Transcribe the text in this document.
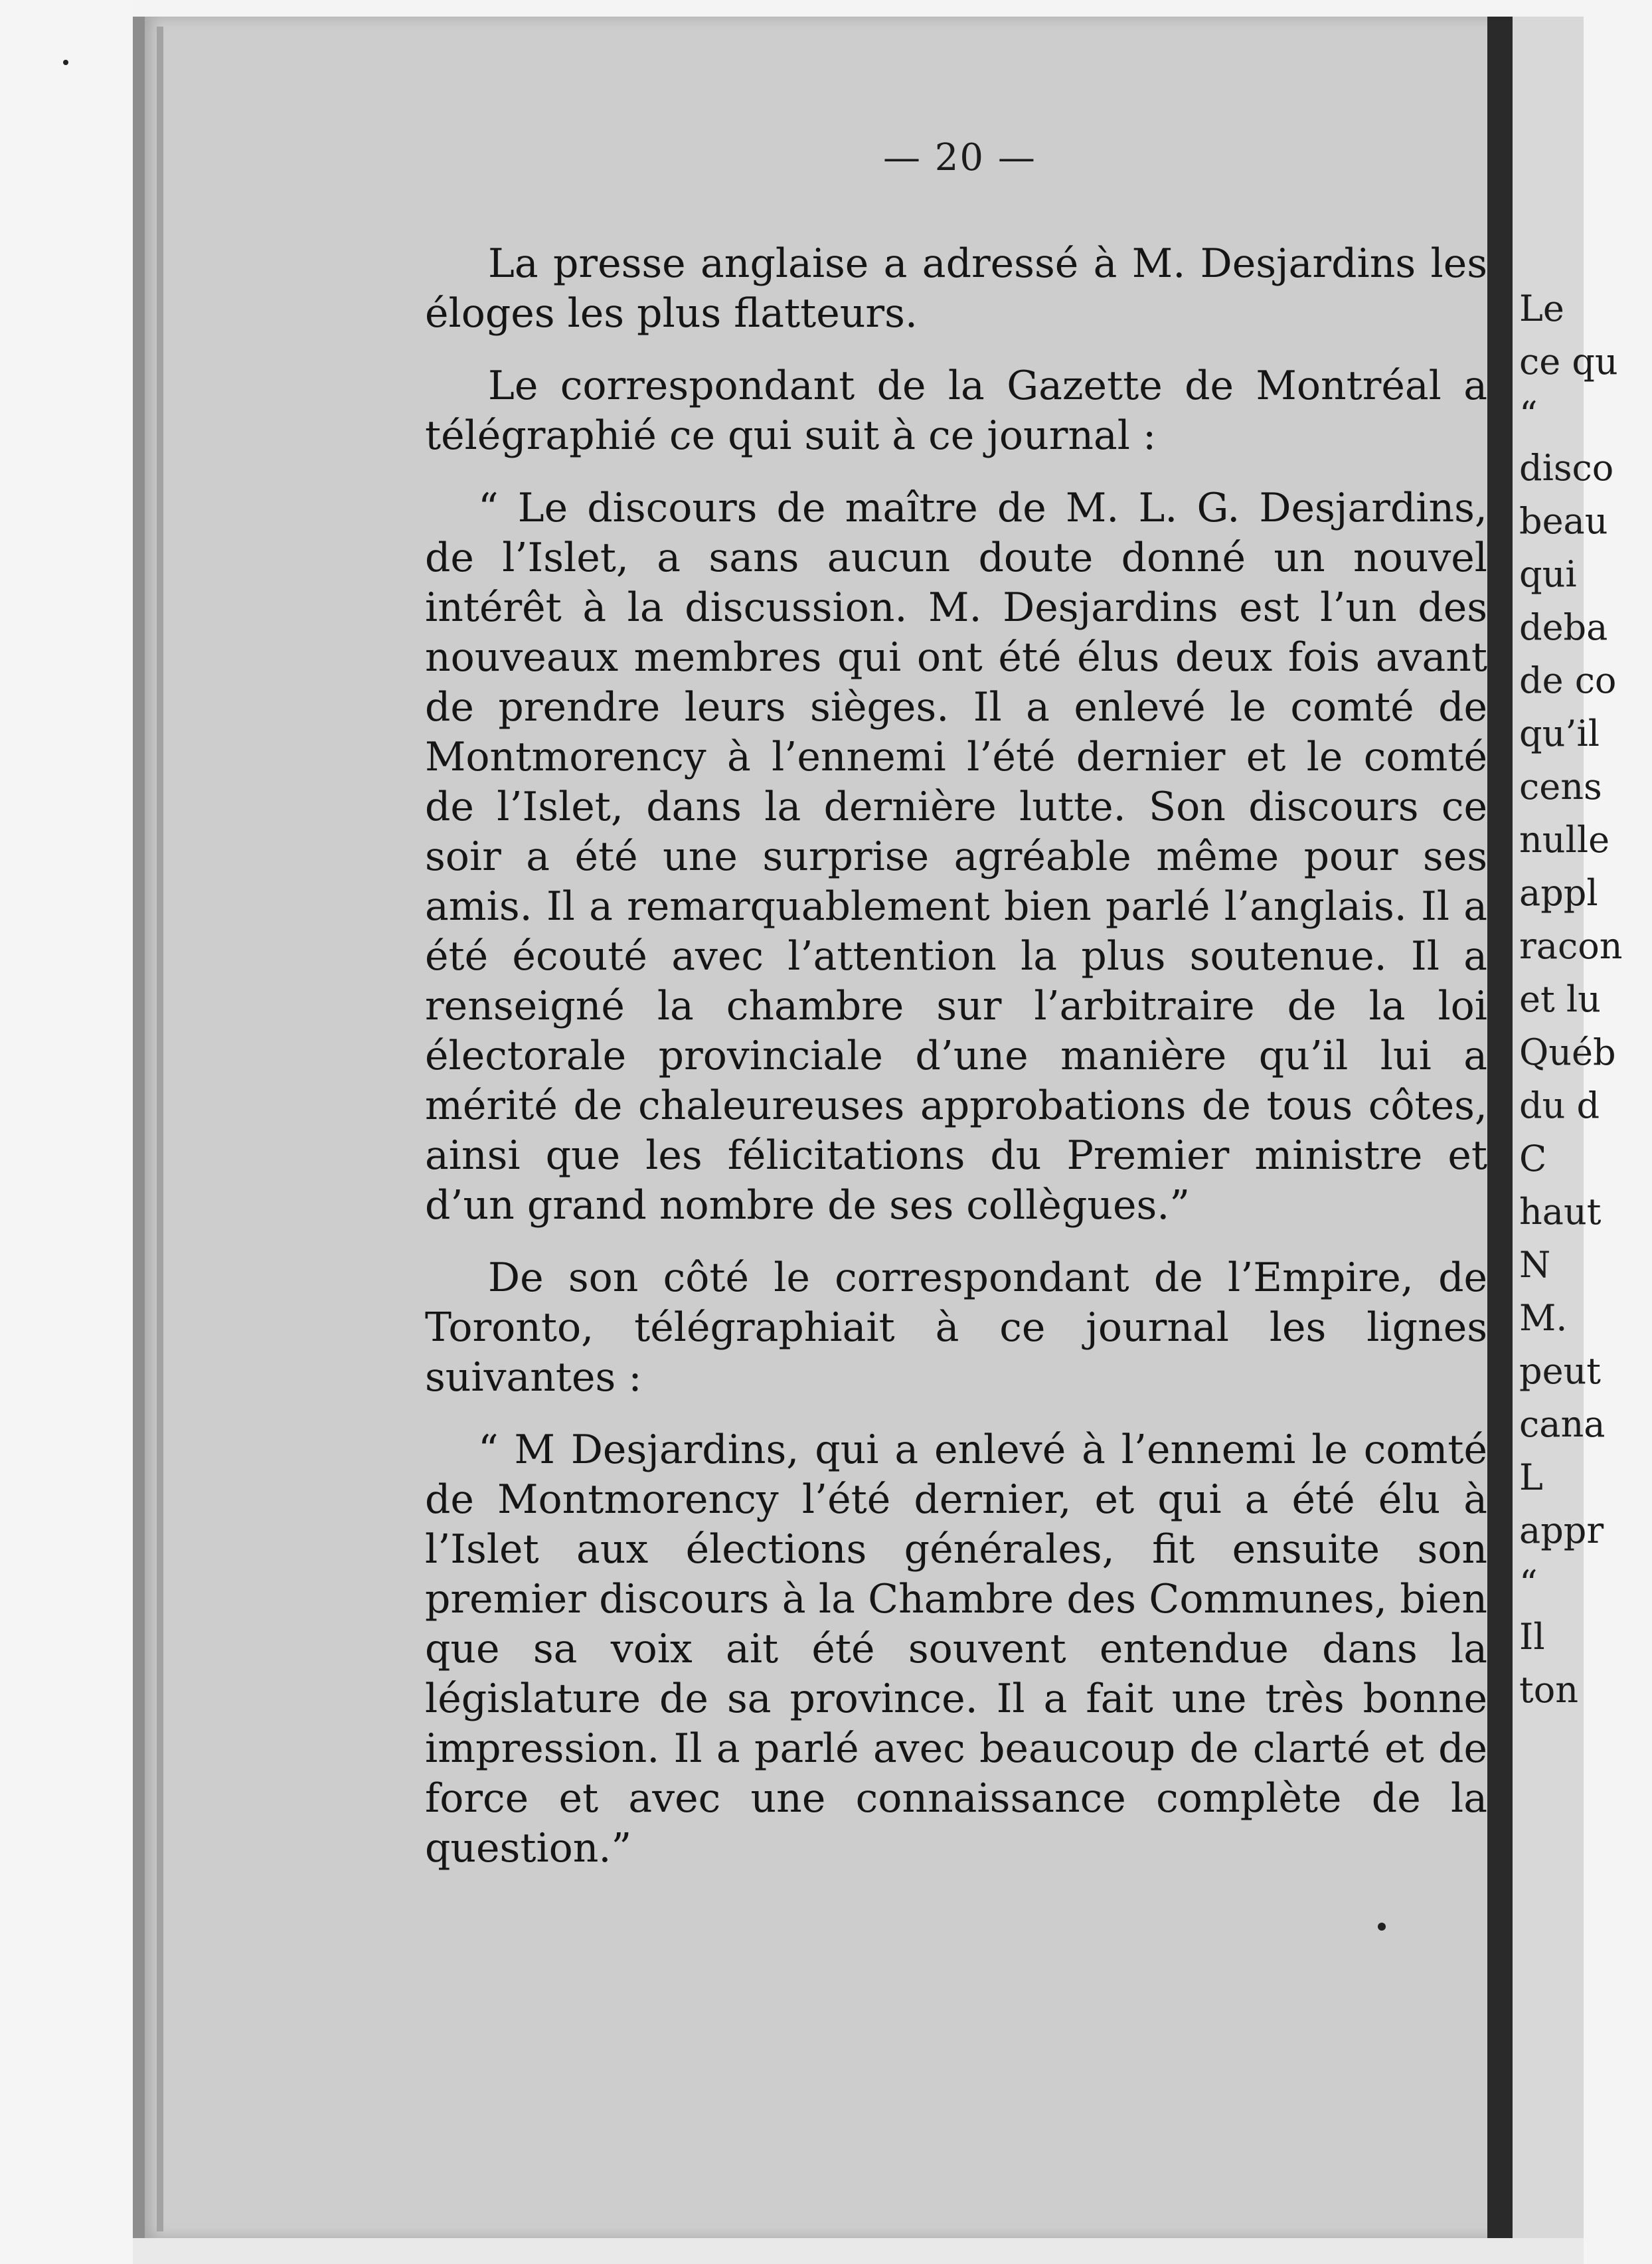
Le
ce qu
“
disco
beau
qui
deba
de co
qu’il
cens
nulle
appl
racon
et lu
Québ
du d
C
haut
N
M.
peut
cana
L
appr
“
Il
ton
— 20 —

La presse anglaise a adressé à M. Desjardins les éloges les plus flatteurs.

Le correspondant de la Gazette de Montréal a télégraphié ce qui suit à ce journal :

“ Le discours de maître de M. L. G. Desjardins, de l’Islet, a sans aucun doute donné un nouvel intérêt à la discussion. M. Desjardins est l’un des nouveaux membres qui ont été élus deux fois avant de prendre leurs sièges. Il a enlevé le comté de Montmorency à l’ennemi l’été dernier et le comté de l’Islet, dans la dernière lutte. Son discours ce soir a été une surprise agréable même pour ses amis. Il a remarquablement bien parlé l’anglais. Il a été écouté avec l’attention la plus soutenue. Il a renseigné la chambre sur l’arbitraire de la loi électorale provinciale d’une manière qu’il lui a mérité de chaleureuses approbations de tous côtes, ainsi que les félicitations du Premier ministre et d’un grand nombre de ses collègues.”

De son côté le correspondant de l’Empire, de Toronto, télégraphiait à ce journal les lignes suivantes :

“ M Desjardins, qui a enlevé à l’ennemi le comté de Montmorency l’été dernier, et qui a été élu à l’Islet aux élections générales, fit ensuite son premier discours à la Chambre des Communes, bien que sa voix ait été souvent entendue dans la législature de sa province. Il a fait une très bonne impression. Il a parlé avec beaucoup de clarté et de force et avec une connaissance complète de la question.”
